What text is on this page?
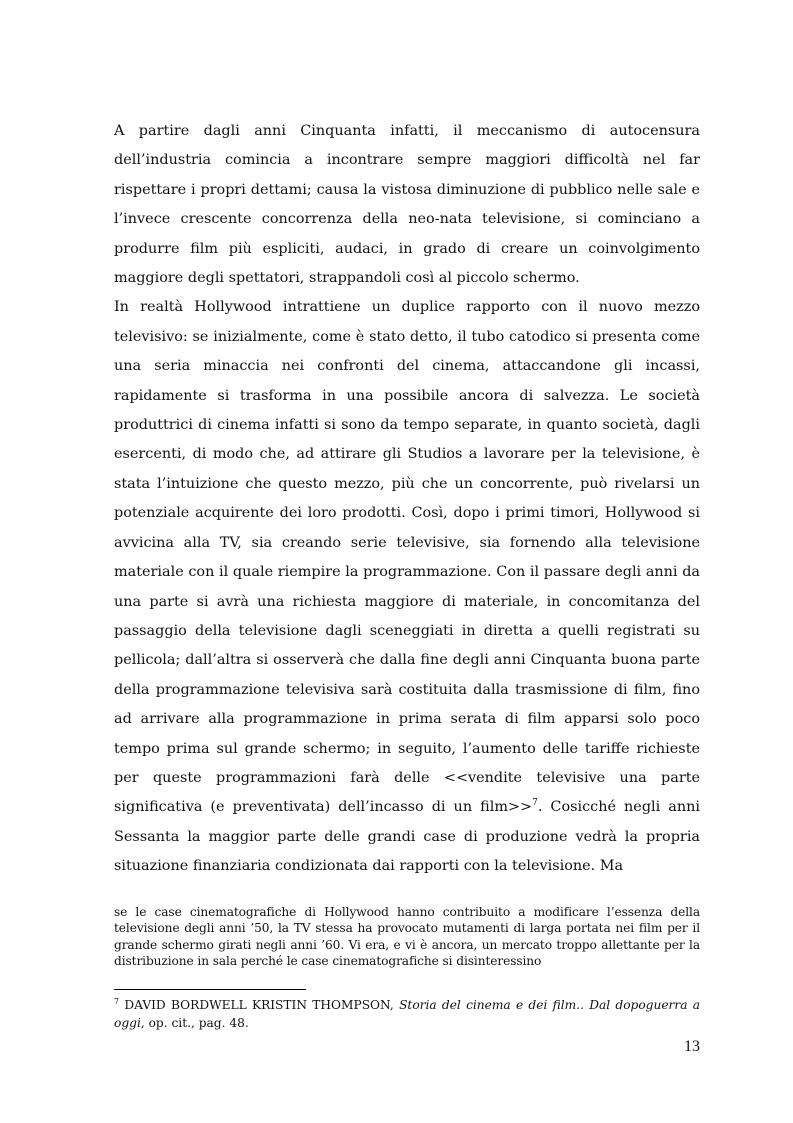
A partire dagli anni Cinquanta infatti, il meccanismo di autocensura dell’industria comincia a incontrare sempre maggiori difficoltà nel far rispettare i propri dettami; causa la vistosa diminuzione di pubblico nelle sale e l’invece crescente concorrenza della neo-nata televisione, si cominciano a produrre film più espliciti, audaci, in grado di creare un coinvolgimento maggiore degli spettatori, strappandoli così al piccolo schermo.

In realtà Hollywood intrattiene un duplice rapporto con il nuovo mezzo televisivo: se inizialmente, come è stato detto, il tubo catodico si presenta come una seria minaccia nei confronti del cinema, attaccandone gli incassi, rapidamente si trasforma in una possibile ancora di salvezza. Le società produttrici di cinema infatti si sono da tempo separate, in quanto società, dagli esercenti, di modo che, ad attirare gli Studios a lavorare per la televisione, è stata l’intuizione che questo mezzo, più che un concorrente, può rivelarsi un potenziale acquirente dei loro prodotti. Così, dopo i primi timori, Hollywood si avvicina alla TV, sia creando serie televisive, sia fornendo alla televisione materiale con il quale riempire la programmazione. Con il passare degli anni da una parte si avrà una richiesta maggiore di materiale, in concomitanza del passaggio della televisione dagli sceneggiati in diretta a quelli registrati su pellicola; dall’altra si osserverà che dalla fine degli anni Cinquanta buona parte della programmazione televisiva sarà costituita dalla trasmissione di film, fino ad arrivare alla programmazione in prima serata di film apparsi solo poco tempo prima sul grande schermo; in seguito, l’aumento delle tariffe richieste per queste programmazioni farà delle <<vendite televisive una parte significativa (e preventivata) dell’incasso di un film>>$^7$. Cosicché negli anni Sessanta la maggior parte delle grandi case di produzione vedrà la propria situazione finanziaria condizionata dai rapporti con la televisione. Ma

se le case cinematografiche di Hollywood hanno contribuito a modificare l’essenza della televisione degli anni ’50, la TV stessa ha provocato mutamenti di larga portata nei film per il grande schermo girati negli anni ’60. Vi era, e vi è ancora, un mercato troppo allettante per la distribuzione in sala perché le case cinematografiche si disinteressino
$^7$ DAVID BORDWELL KRISTIN THOMPSON, Storia del cinema e dei film.. Dal dopoguerra a oggi, op. cit., pag. 48.
13
